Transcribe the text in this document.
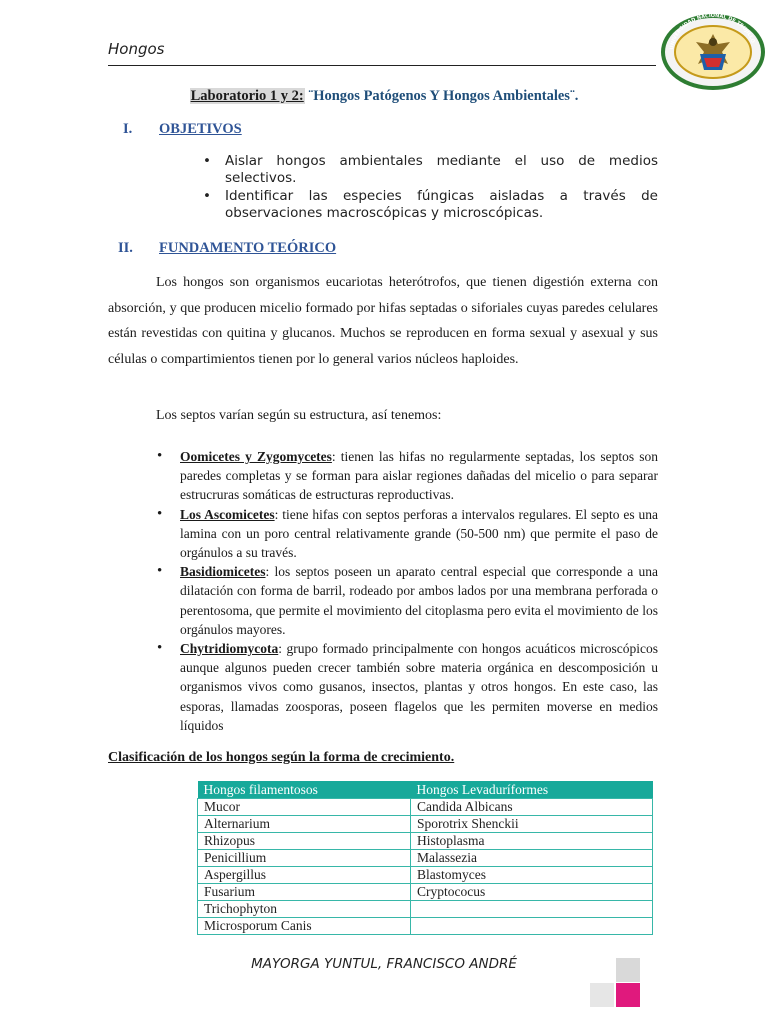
Hongos	UNIVERSIDAD NACIONAL DE TRUJILLO
Laboratorio 1 y 2: ¨Hongos Patógenos Y Hongos Ambientales¨.
I. OBJETIVOS
• Aislar hongos ambientales mediante el uso de medios selectivos.
• Identificar las especies fúngicas aisladas a través de observaciones macroscópicas y microscópicas.
II. FUNDAMENTO TEÓRICO
Los hongos son organismos eucariotas heterótrofos, que tienen digestión externa con absorción, y que producen micelio formado por hifas septadas o siforiales cuyas paredes celulares están revestidas con quitina y glucanos. Muchos se reproducen en forma sexual y asexual y sus células o compartimientos tienen por lo general varios núcleos haploides.
Los septos varían según su estructura, así tenemos:
• Oomicetes y Zygomycetes: tienen las hifas no regularmente septadas, los septos son paredes completas y se forman para aislar regiones dañadas del micelio o para separar estrucruras somáticas de estructuras reproductivas.
• Los Ascomicetes: tiene hifas con septos perforas a intervalos regulares. El septo es una lamina con un poro central relativamente grande (50-500 nm) que permite el paso de orgánulos a su través.
• Basidiomicetes: los septos poseen un aparato central especial que corresponde a una dilatación con forma de barril, rodeado por ambos lados por una membrana perforada o perentosoma, que permite el movimiento del citoplasma pero evita el movimiento de los orgánulos mayores.
• Chytridiomycota: grupo formado principalmente con hongos acuáticos microscópicos aunque algunos pueden crecer también sobre materia orgánica en descomposición u organismos vivos como gusanos, insectos, plantas y otros hongos. En este caso, las esporas, llamadas zoosporas, poseen flagelos que les permiten moverse en medios líquidos
Clasificación de los hongos según la forma de crecimiento.
Hongos filamentosos	Hongos Levaduríformes
Mucor	Candida Albicans
Alternarium	Sporotrix Shenckii
Rhizopus	Histoplasma
Penicillium	Malassezia
Aspergillus	Blastomyces
Fusarium	Cryptococus
Trichophyton	
Microsporum Canis	
MAYORGA YUNTUL, FRANCISCO ANDRÉ
